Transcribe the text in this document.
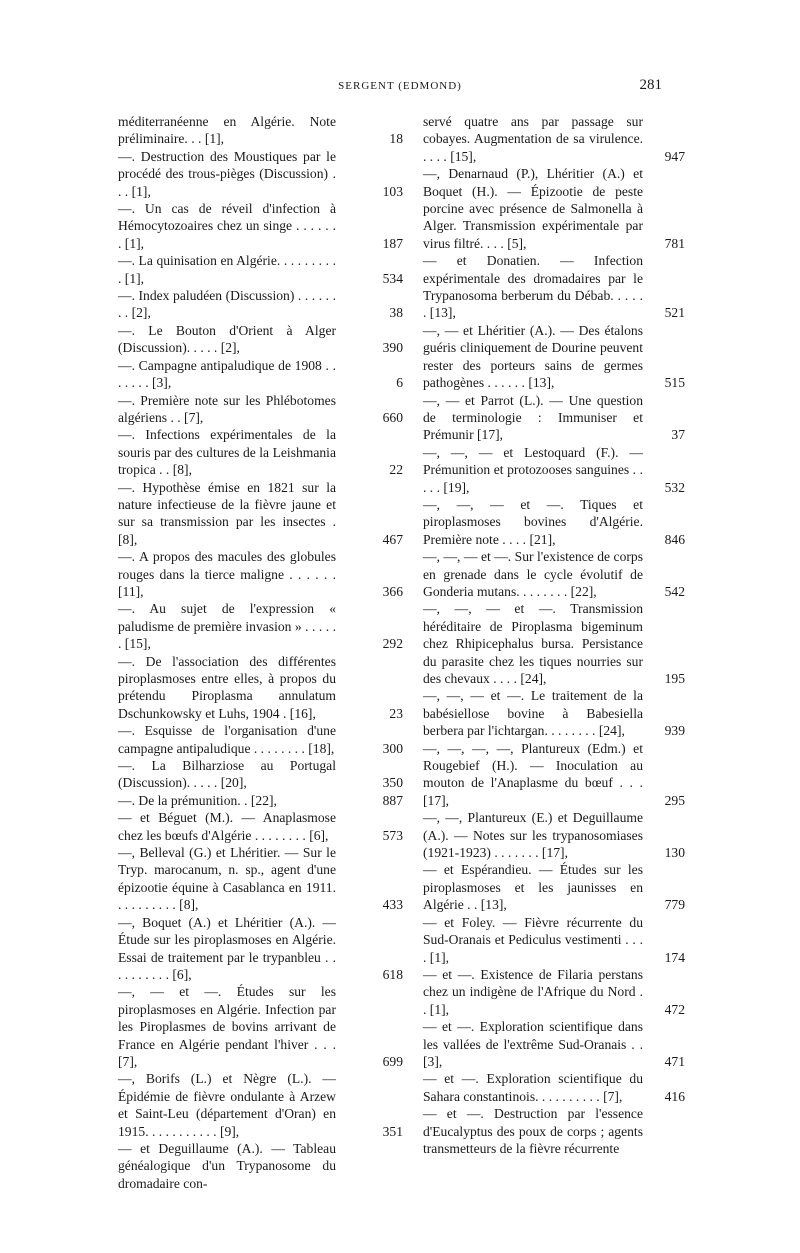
SERGENT (EDMOND)	281
méditerranéenne en Algérie. Note préliminaire. . . [1],	18
—. Destruction des Moustiques par le procédé des trous-pièges (Discussion) . . . [1],	103
—. Un cas de réveil d'infection à Hémocytozoaires chez un singe . . . . . . . [1],	187
—. La quinisation en Algérie. . . . . . . . . . [1],	534
—. Index paludéen (Discussion) . . . . . . . . [2],	38
—. Le Bouton d'Orient à Alger (Discussion). . . . . [2],	390
—. Campagne antipaludique de 1908 . . . . . . . [3],	6
—. Première note sur les Phlébotomes algériens . . [7],	660
—. Infections expérimentales de la souris par des cultures de la Leishmania tropica . . [8],	22
—. Hypothèse émise en 1821 sur la nature infectieuse de la fièvre jaune et sur sa transmission par les insectes . [8],	467
—. A propos des macules des globules rouges dans la tierce maligne . . . . . . [11],	366
—. Au sujet de l'expression « paludisme de première invasion » . . . . . . [15],	292
—. De l'association des différentes piroplasmoses entre elles, à propos du prétendu Piroplasma annulatum Dschunkowsky et Luhs, 1904 . [16],	23
—. Esquisse de l'organisation d'une campagne antipaludique . . . . . . . . [18],	300
—. La Bilharziose au Portugal (Discussion). . . . . [20],	350
—. De la prémunition. . [22],	887
— et Béguet (M.). — Anaplasmose chez les bœufs d'Algérie . . . . . . . . [6],	573
—, Belleval (G.) et Lhéritier. — Sur le Tryp. marocanum, n. sp., agent d'une épizootie équine à Casablanca en 1911. . . . . . . . . . [8],	433
—, Boquet (A.) et Lhéritier (A.). — Étude sur les piroplasmoses en Algérie. Essai de traitement par le trypanbleu . . . . . . . . . . [6],	618
—, — et —. Études sur les piroplasmoses en Algérie. Infection par les Piroplasmes de bovins arrivant de France en Algérie pendant l'hiver . . . [7],	699
—, Borifs (L.) et Nègre (L.). — Épidémie de fièvre ondulante à Arzew et Saint-Leu (département d'Oran) en 1915. . . . . . . . . . . [9],	351
— et Deguillaume (A.). — Tableau généalogique d'un Trypanosome du dromadaire con-
servé quatre ans par passage sur cobayes. Augmentation de sa virulence. . . . . [15],	947
—, Denarnaud (P.), Lhéritier (A.) et Boquet (H.). — Épizootie de peste porcine avec présence de Salmonella à Alger. Transmission expérimentale par virus filtré. . . . [5],	781
— et Donatien. — Infection expérimentale des dromadaires par le Trypanosoma berberum du Débab. . . . . . [13],	521
—, — et Lhéritier (A.). — Des étalons guéris cliniquement de Dourine peuvent rester des porteurs sains de germes pathogènes . . . . . . [13],	515
—, — et Parrot (L.). — Une question de terminologie : Immuniser et Prémunir [17],	37
—, —, — et Lestoquard (F.). — Prémunition et protozooses sanguines . . . . . [19],	532
—, —, — et —. Tiques et piroplasmoses bovines d'Algérie. Première note . . . . [21],	846
—, —, — et —. Sur l'existence de corps en grenade dans le cycle évolutif de Gonderia mutans. . . . . . . . [22],	542
—, —, — et —. Transmission héréditaire de Piroplasma bigeminum chez Rhipicephalus bursa. Persistance du parasite chez les tiques nourries sur des chevaux . . . . [24],	195
—, —, — et —. Le traitement de la babésiellose bovine à Babesiella berbera par l'ichtargan. . . . . . . . [24],	939
—, —, —, —, Plantureux (Edm.) et Rougebief (H.). — Inoculation au mouton de l'Anaplasme du bœuf . . . [17],	295
—, —, Plantureux (E.) et Deguillaume (A.). — Notes sur les trypanosomiases (1921-1923) . . . . . . . [17],	130
— et Espérandieu. — Études sur les piroplasmoses et les jaunisses en Algérie . . [13],	779
— et Foley. — Fièvre récurrente du Sud-Oranais et Pediculus vestimenti . . . . [1],	174
— et —. Existence de Filaria perstans chez un indigène de l'Afrique du Nord . . [1],	472
— et —. Exploration scientifique dans les vallées de l'extrême Sud-Oranais . . [3],	471
— et —. Exploration scientifique du Sahara constantinois. . . . . . . . . . [7],	416
— et —. Destruction par l'essence d'Eucalyptus des poux de corps ; agents transmetteurs de la fièvre récurrente
